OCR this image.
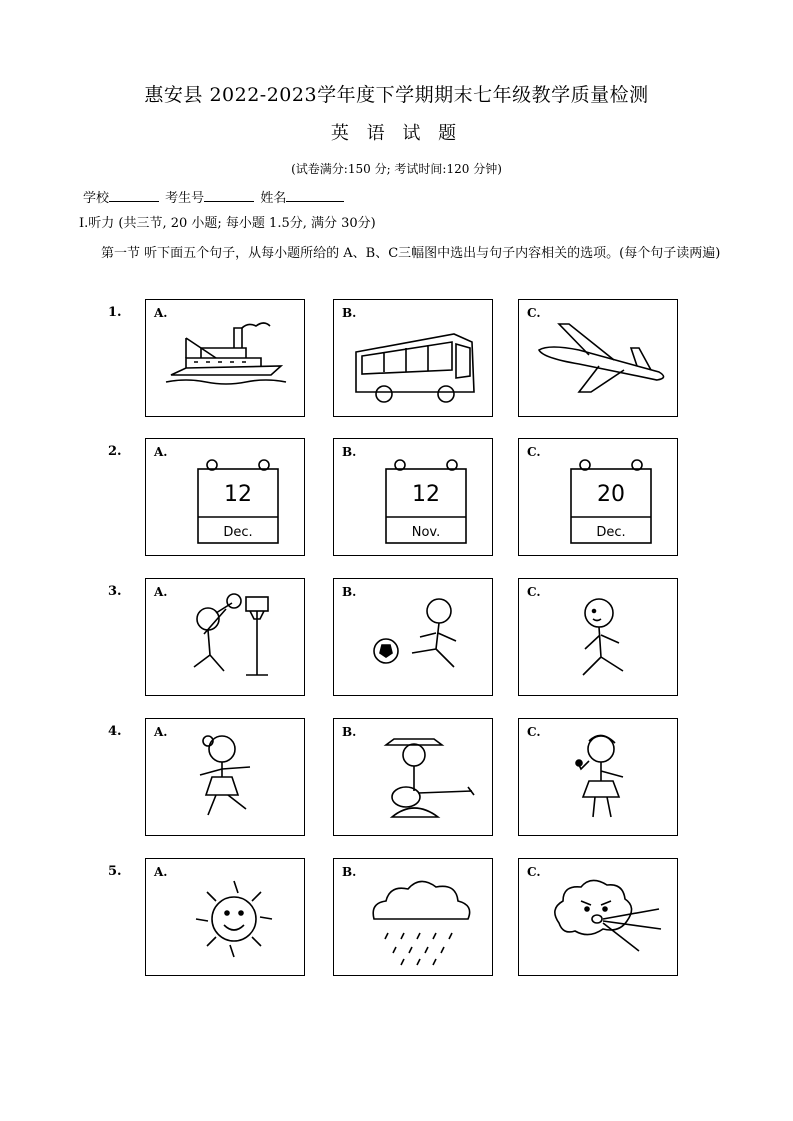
惠安县 2022-2023学年度下学期期末七年级教学质量检测
英 语 试 题
(试卷满分:150 分; 考试时间:120 分钟)
学校	考生号	姓名
Ⅰ.听力 (共三节, 20 小题; 每小题 1.5分, 满分 30分)
第一节 听下面五个句子，从每小题所给的 A、B、C三幅图中选出与句子内容相关的选项。(每个句子读两遍)
1.	A.	B.	C.
2.	A.
12
Dec.
B.
12
Nov.
C.
20
Dec.
3.	A.	B.	C.
4.	A.	B.	C.
5.	A.	B.	C.
